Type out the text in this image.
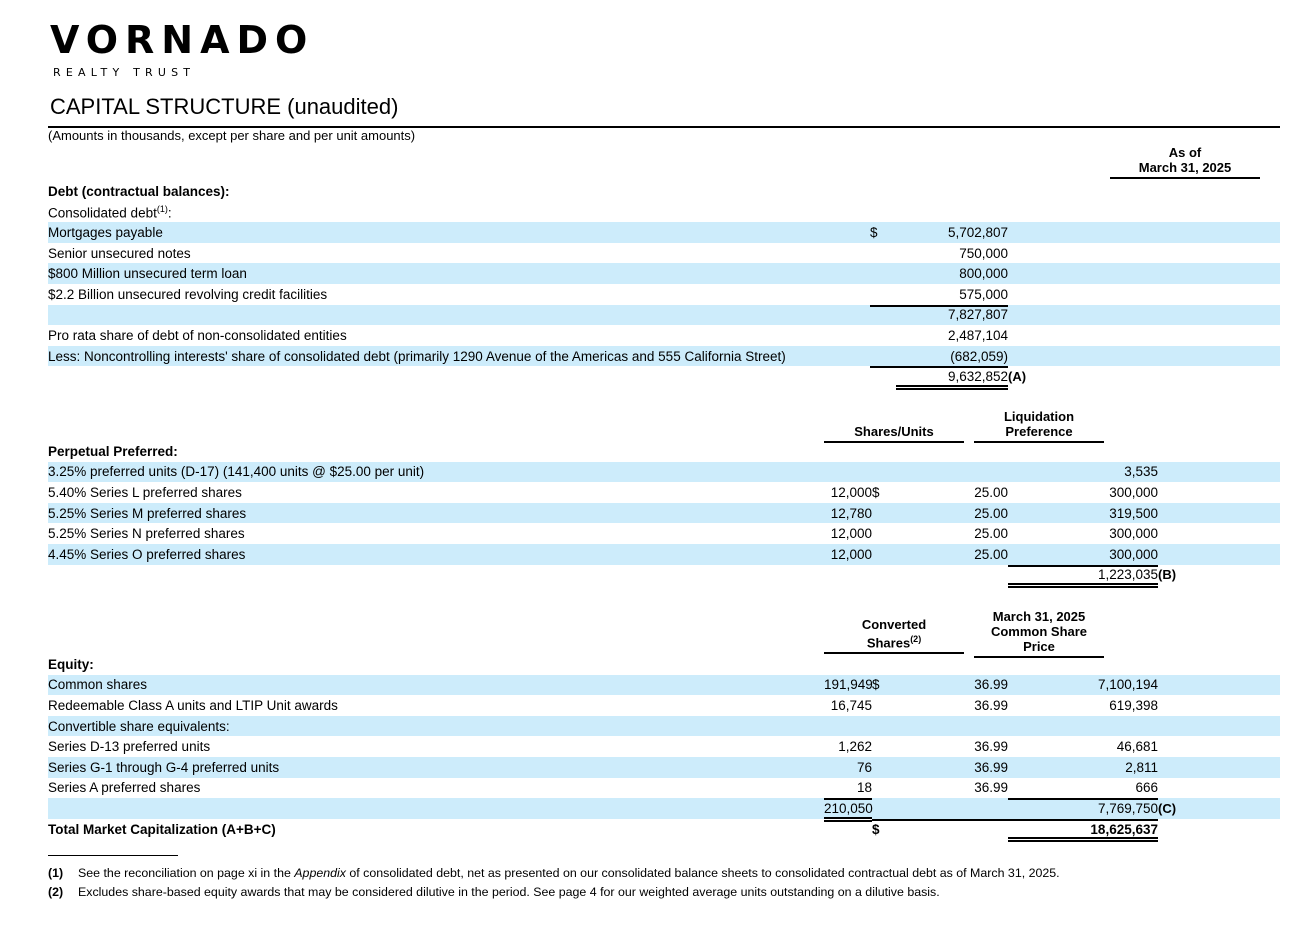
VORNADO
REALTY TRUST
CAPITAL STRUCTURE (unaudited)
(Amounts in thousands, except per share and per unit amounts)
As of
March 31, 2025
Debt (contractual balances):					
Consolidated debt$^{(1)}$:					
Mortgages payable		$	5,702,807		
Senior unsecured notes			750,000		
$800 Million unsecured term loan			800,000		
$2.2 Billion unsecured revolving credit facilities			575,000		
			7,827,807		
Pro rata share of debt of non-consolidated entities			2,487,104		
Less: Noncontrolling interests' share of consolidated debt (primarily 1290 Avenue of the Americas and 555 California Street)			(682,059)		
			9,632,852	(A)	
Shares/Units
Liquidation
Preference
Perpetual Preferred:					
3.25% preferred units (D-17) (141,400 units @ $25.00 per unit)				3,535	
5.40% Series L preferred shares	12,000	$	25.00	300,000	
5.25% Series M preferred shares	12,780		25.00	319,500	
5.25% Series N preferred shares	12,000		25.00	300,000	
4.45% Series O preferred shares	12,000		25.00	300,000	
				1,223,035	(B)
Converted
Shares$^{(2)}$
March 31, 2025
Common Share
Price
Equity:					
Common shares	191,949	$	36.99	7,100,194	
Redeemable Class A units and LTIP Unit awards	16,745		36.99	619,398	
Convertible share equivalents:					
Series D-13 preferred units	1,262		36.99	46,681	
Series G-1 through G-4 preferred units	76		36.99	2,811	
Series A preferred shares	18		36.99	666	
	210,050			7,769,750	(C)
Total Market Capitalization (A+B+C)		$		18,625,637	
(1)	See the reconciliation on page xi in the Appendix of consolidated debt, net as presented on our consolidated balance sheets to consolidated contractual debt as of March 31, 2025.
(2)	Excludes share-based equity awards that may be considered dilutive in the period. See page 4 for our weighted average units outstanding on a dilutive basis.
